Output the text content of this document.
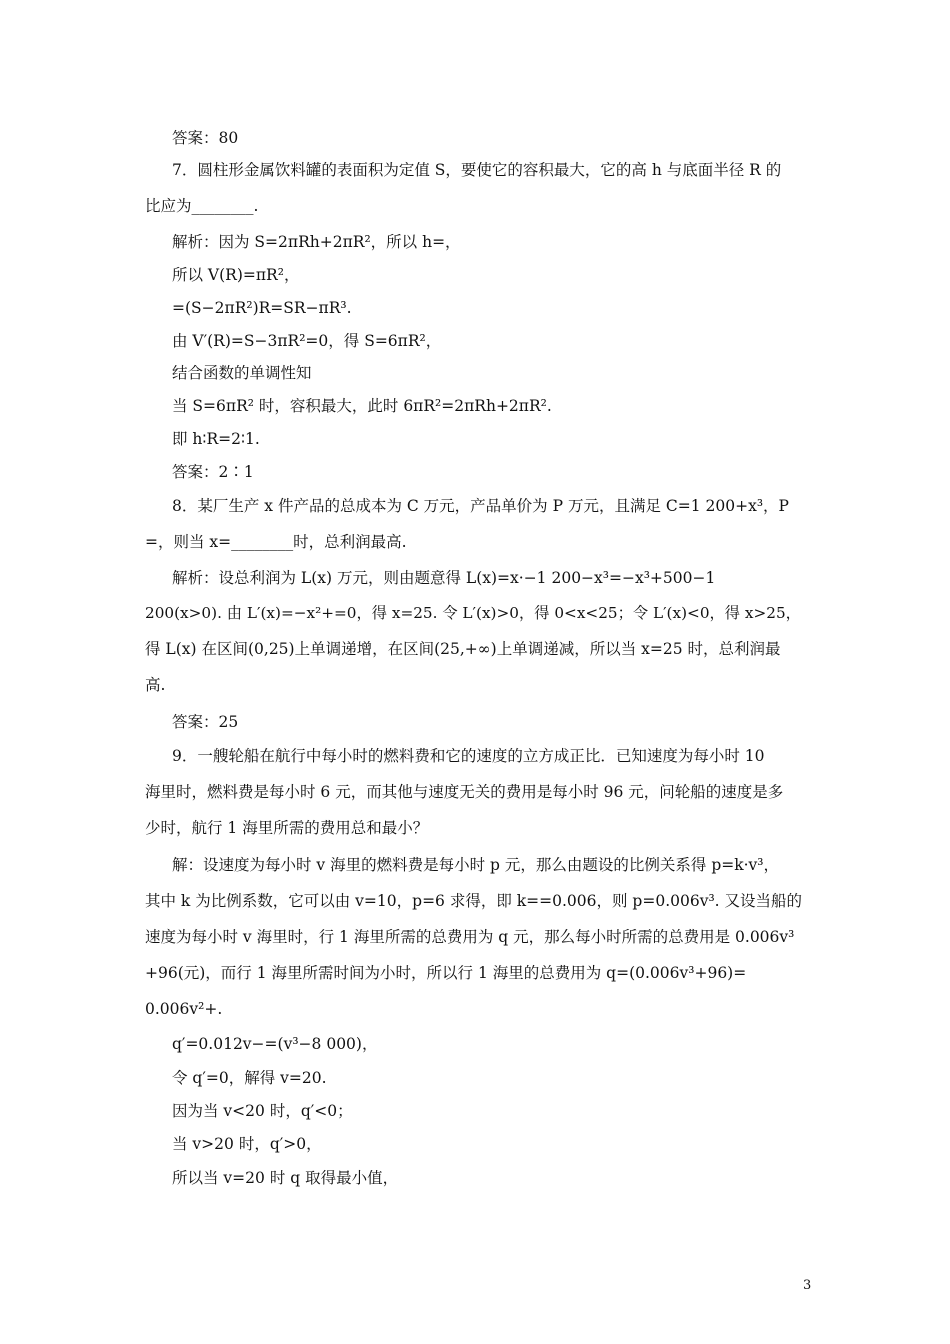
答案：80
7．圆柱形金属饮料罐的表面积为定值 S，要使它的容积最大，它的高 h 与底面半径 R 的
比应为________.
解析：因为 S=2πRh+2πR²，所以 h=，
所以 V(R)=πR²，
=(S−2πR²)R=SR−πR³.
由 V′(R)=S−3πR²=0，得 S=6πR²，
结合函数的单调性知
当 S=6πR² 时，容积最大，此时 6πR²=2πRh+2πR².
即 h∶R=2∶1.
答案：2∶1
8．某厂生产 x 件产品的总成本为 C 万元，产品单价为 P 万元，且满足 C=1 200+x³，P
=，则当 x=________时，总利润最高.
解析：设总利润为 L(x) 万元，则由题意得 L(x)=x·−1 200−x³=−x³+500−1
200(x>0). 由 L′(x)=−x²+=0，得 x=25. 令 L′(x)>0，得 0<x<25；令 L′(x)<0，得 x>25，
得 L(x) 在区间(0,25)上单调递增，在区间(25,+∞)上单调递减，所以当 x=25 时，总利润最
高.
答案：25
9．一艘轮船在航行中每小时的燃料费和它的速度的立方成正比．已知速度为每小时 10
海里时，燃料费是每小时 6 元，而其他与速度无关的费用是每小时 96 元，问轮船的速度是多
少时，航行 1 海里所需的费用总和最小？
解：设速度为每小时 v 海里的燃料费是每小时 p 元，那么由题设的比例关系得 p=k·v³，
其中 k 为比例系数，它可以由 v=10，p=6 求得，即 k==0.006，则 p=0.006v³. 又设当船的
速度为每小时 v 海里时，行 1 海里所需的总费用为 q 元，那么每小时所需的总费用是 0.006v³
+96(元)，而行 1 海里所需时间为小时，所以行 1 海里的总费用为 q=(0.006v³+96)=
0.006v²+.
q′=0.012v−=(v³−8 000)，
令 q′=0，解得 v=20.
因为当 v<20 时，q′<0；
当 v>20 时，q′>0，
所以当 v=20 时 q 取得最小值，
3
